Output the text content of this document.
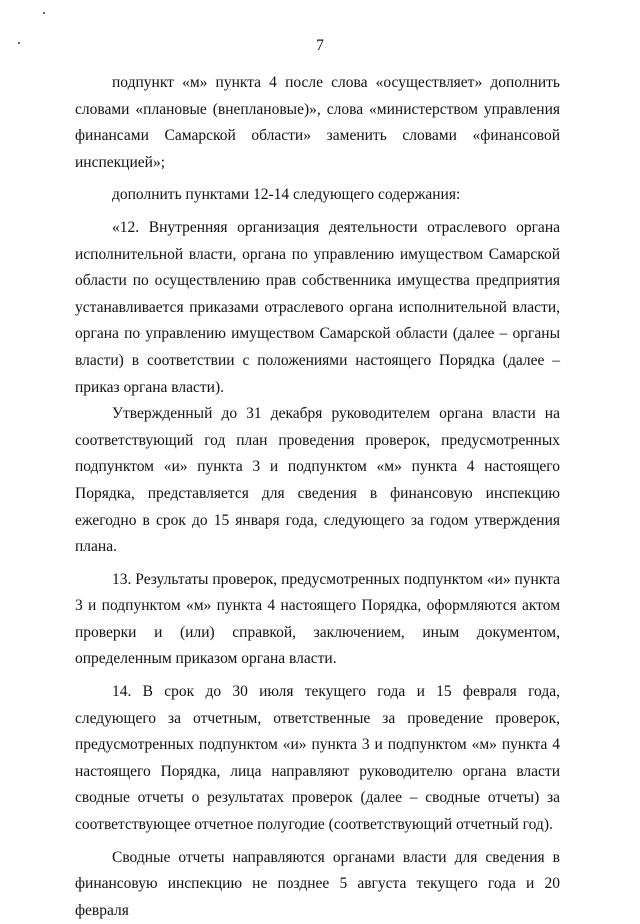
7

подпункт «м» пункта 4 после слова «осуществляет» дополнить словами «плановые (внеплановые)», слова «министерством управления финансами Самарской области» заменить словами «финансовой инспекцией»;

дополнить пунктами 12-14 следующего содержания:

«12. Внутренняя организация деятельности отраслевого органа исполнительной власти, органа по управлению имуществом Самарской области по осуществлению прав собственника имущества предприятия устанавливается приказами отраслевого органа исполнительной власти, органа по управлению имуществом Самарской области (далее – органы власти) в соответствии с положениями настоящего Порядка (далее – приказ органа власти).

Утвержденный до 31 декабря руководителем органа власти на соответствующий год план проведения проверок, предусмотренных подпунктом «и» пункта 3 и подпунктом «м» пункта 4 настоящего Порядка, представляется для сведения в финансовую инспекцию ежегодно в срок до 15 января года, следующего за годом утверждения плана.

13. Результаты проверок, предусмотренных подпунктом «и» пункта 3 и подпунктом «м» пункта 4 настоящего Порядка, оформляются актом проверки и (или) справкой, заключением, иным документом, определенным приказом органа власти.

14. В срок до 30 июля текущего года и 15 февраля года, следующего за отчетным, ответственные за проведение проверок, предусмотренных подпунктом «и» пункта 3 и подпунктом «м» пункта 4 настоящего Порядка, лица направляют руководителю органа власти сводные отчеты о результатах проверок (далее – сводные отчеты) за соответствующее отчетное полугодие (соответствующий отчетный год).

Сводные отчеты направляются органами власти для сведения в финансовую инспекцию не позднее 5 августа текущего года и 20 февраля
